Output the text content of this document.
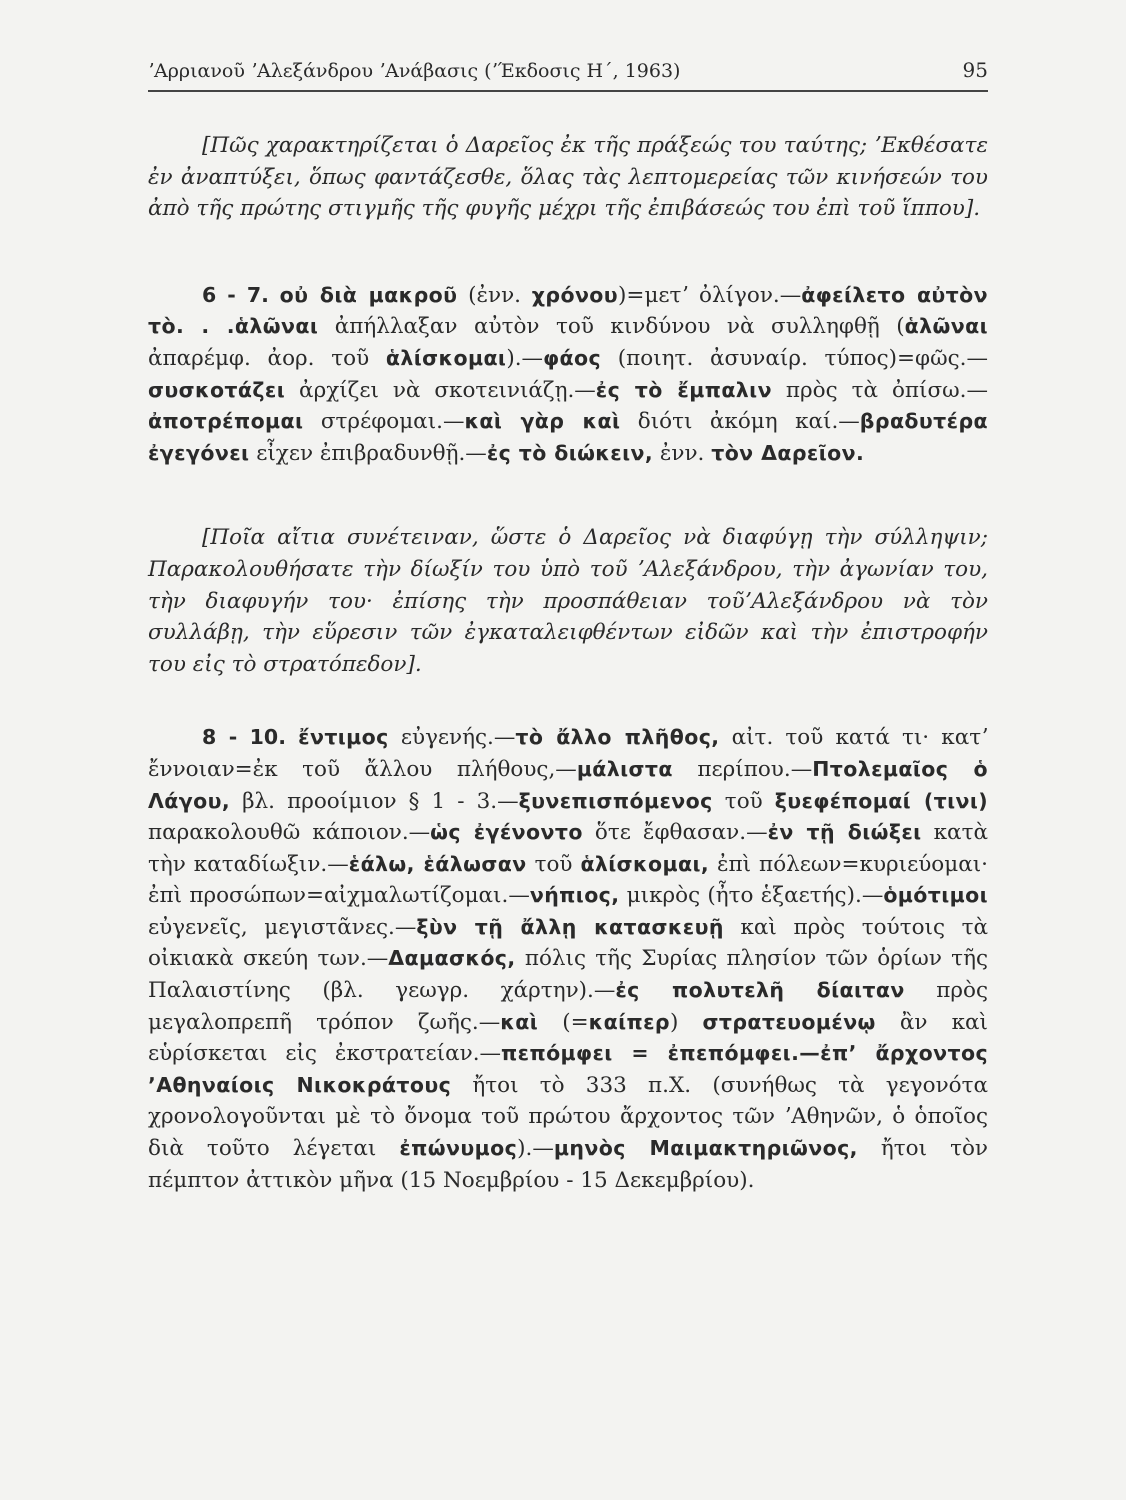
ʼΑρριανοῦ ʼΑλεξάνδρου ʼΑνάβασις (ʼΈκδοσις Η΄, 1963)	95

[Πῶς χαρακτηρίζεται ὁ Δαρεῖος ἐκ τῆς πράξεώς του ταύτης; ʼΕκθέσατε ἐν ἀναπτύξει, ὅπως φαντάζεσθε, ὅλας τὰς λεπτομερείας τῶν κινήσεών του ἀπὸ τῆς πρώτης στιγμῆς τῆς φυγῆς μέχρι τῆς ἐπιβάσεώς του ἐπὶ τοῦ ἵππου].

6 - 7. οὐ διὰ μακροῦ (ἐνν. χρόνου)=μετʼ ὀλίγον.—ἀφείλετο αὐτὸν τὸ. . .ἁλῶναι ἀπήλλαξαν αὐτὸν τοῦ κινδύνου νὰ συλληφθῇ (ἁλῶναι ἀπαρέμφ. ἀορ. τοῦ ἁλίσκομαι).—φάος (ποιητ. ἀσυναίρ. τύπος)=φῶς.—συσκοτάζει ἀρχίζει νὰ σκοτεινιάζῃ.—ἐς τὸ ἔμπαλιν πρὸς τὰ ὀπίσω.—ἀποτρέπομαι στρέφομαι.—καὶ γὰρ καὶ διότι ἀκόμη καί.—βραδυτέρα ἐγεγόνει εἶχεν ἐπιβραδυνθῇ.—ἐς τὸ διώκειν, ἐνν. τὸν Δαρεῖον.

[Ποῖα αἴτια συνέτειναν, ὥστε ὁ Δαρεῖος νὰ διαφύγῃ τὴν σύλληψιν; Παρακολουθήσατε τὴν δίωξίν του ὑπὸ τοῦ ʼΑλεξάνδρου, τὴν ἀγωνίαν του, τὴν διαφυγήν του· ἐπίσης τὴν προσπάθειαν τοῦʼΑλεξάνδρου νὰ τὸν συλλάβῃ, τὴν εὕρεσιν τῶν ἐγκαταλειφθέντων εἰδῶν καὶ τὴν ἐπιστροφήν του εἰς τὸ στρατόπεδον].

8 - 10. ἔντιμος εὐγενής.—τὸ ἄλλο πλῆθος, αἰτ. τοῦ κατά τι· κατʼ ἔννοιαν=ἐκ τοῦ ἄλλου πλήθους,—μάλιστα περίπου.—Πτολεμαῖος ὁ Λάγου, βλ. προοίμιον § 1 - 3.—ξυνεπισπόμενος τοῦ ξυεφέπομαί (τινι) παρακολουθῶ κάποιον.—ὡς ἐγένοντο ὅτε ἔφθασαν.—ἐν τῇ διώξει κατὰ τὴν καταδίωξιν.—ἑάλω, ἑάλωσαν τοῦ ἁλίσκομαι, ἐπὶ πόλεων=κυριεύομαι· ἐπὶ προσώπων=αἰχμαλωτίζομαι.—νήπιος, μικρὸς (ἦτο ἑξαετής).—ὁμότιμοι εὐγενεῖς, μεγιστᾶνες.—ξὺν τῇ ἄλλῃ κατασκευῇ καὶ πρὸς τούτοις τὰ οἰκιακὰ σκεύη των.—Δαμασκός, πόλις τῆς Συρίας πλησίον τῶν ὁρίων τῆς Παλαιστίνης (βλ. γεωγρ. χάρτην).—ἐς πολυτελῆ δίαιταν πρὸς μεγαλοπρεπῆ τρόπον ζωῆς.—καὶ (=καίπερ) στρατευομένῳ ἂν καὶ εὑρίσκεται εἰς ἐκστρατείαν.—πεπόμφει = ἐπεπόμφει.—ἐπʼ ἄρχοντος ʼΑθηναίοις Νικοκράτους ἤτοι τὸ 333 π.Χ. (συνήθως τὰ γεγονότα χρονολογοῦνται μὲ τὸ ὄνομα τοῦ πρώτου ἄρχοντος τῶν ʼΑθηνῶν, ὁ ὁποῖος διὰ τοῦτο λέγεται ἐπώνυμος).—μηνὸς Μαιμακτηριῶνος, ἤτοι τὸν πέμπτον ἀττικὸν μῆνα (15 Νοεμβρίου - 15 Δεκεμβρίου).
